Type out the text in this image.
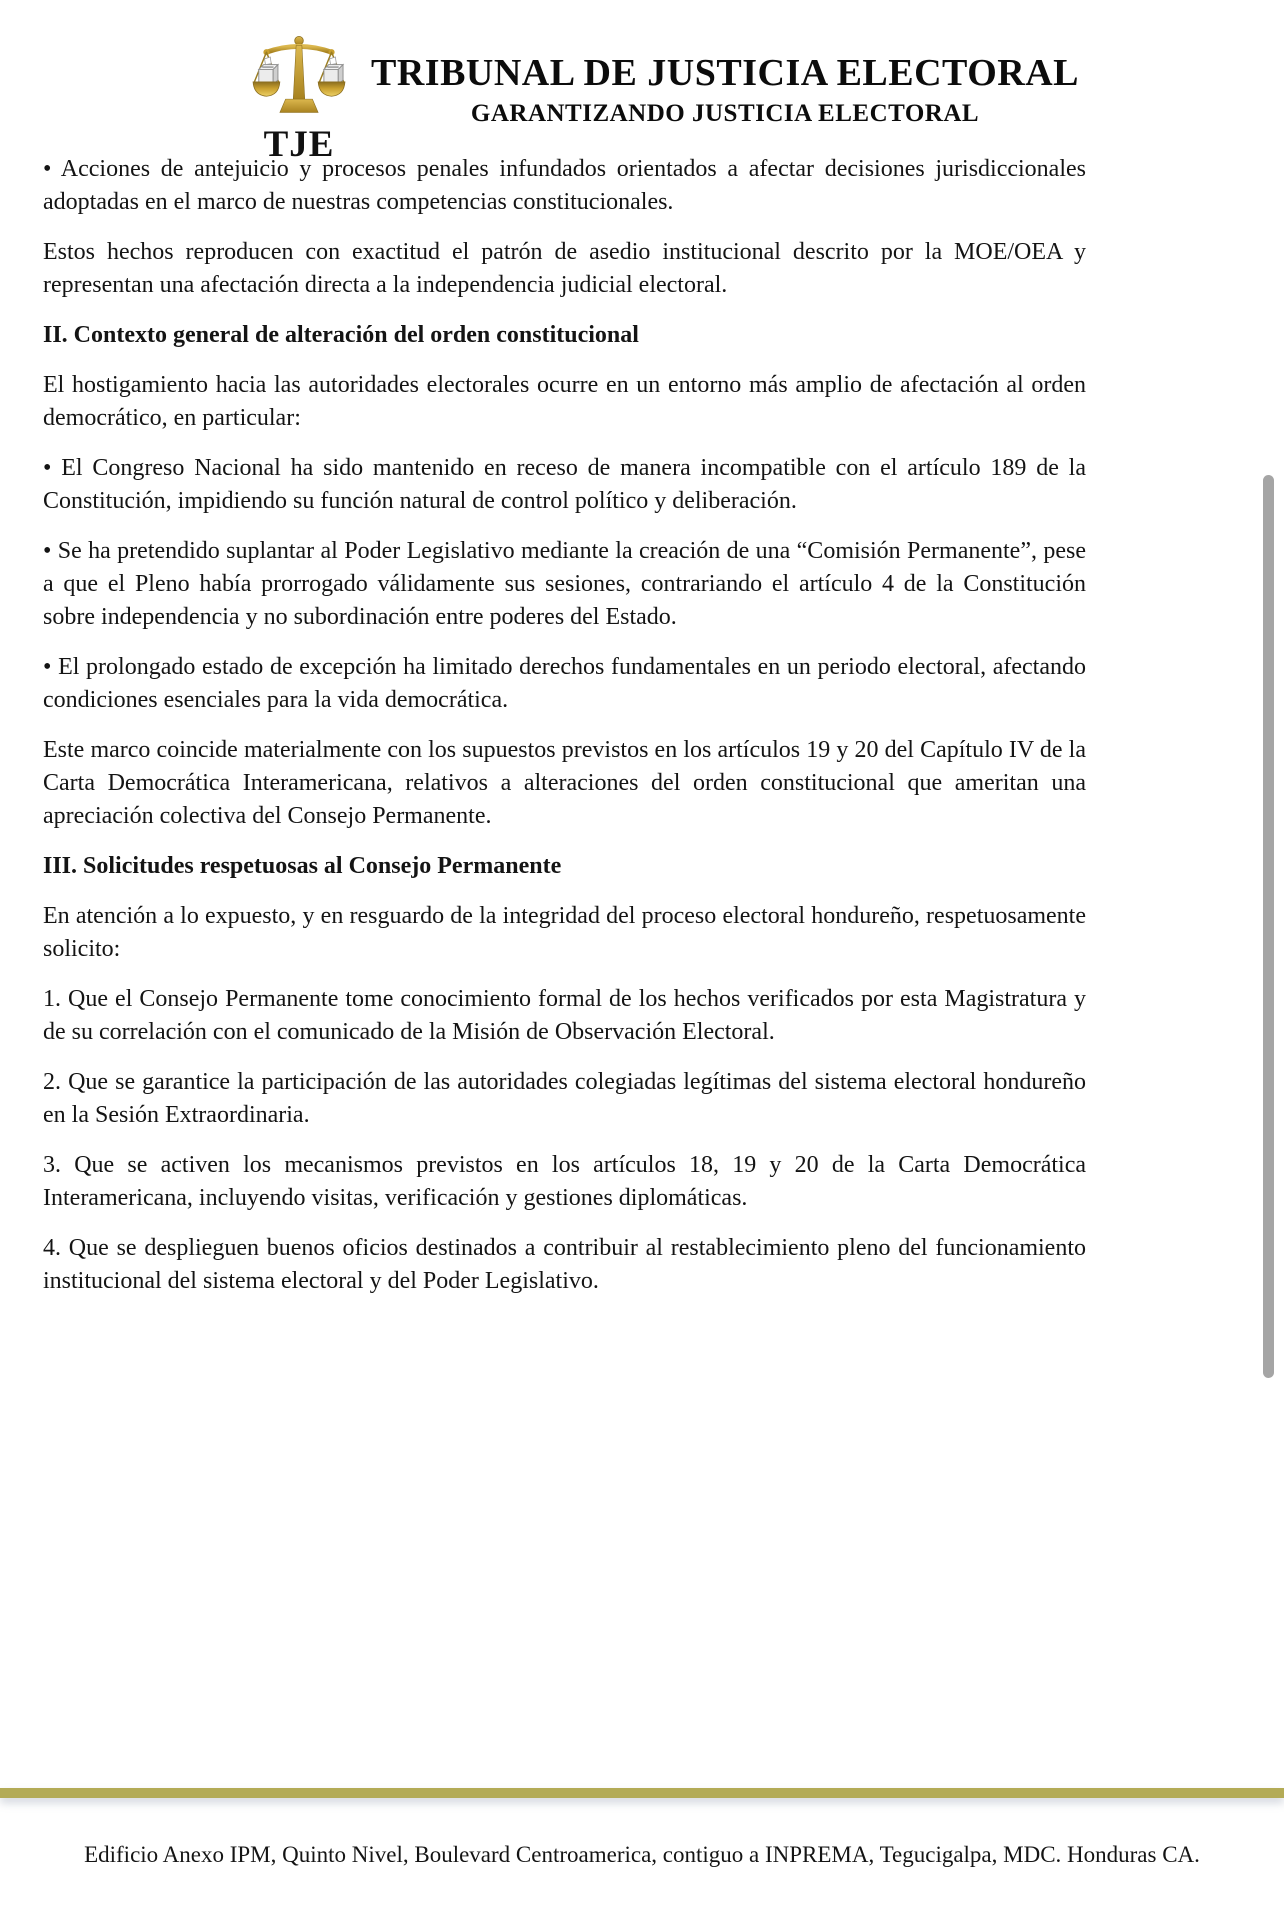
TJE
TRIBUNAL DE JUSTICIA ELECTORAL
GARANTIZANDO JUSTICIA ELECTORAL

• Acciones de antejuicio y procesos penales infundados orientados a afectar decisiones jurisdiccionales adoptadas en el marco de nuestras competencias constitucionales.

Estos hechos reproducen con exactitud el patrón de asedio institucional descrito por la MOE/OEA y representan una afectación directa a la independencia judicial electoral.

II. Contexto general de alteración del orden constitucional

El hostigamiento hacia las autoridades electorales ocurre en un entorno más amplio de afectación al orden democrático, en particular:

• El Congreso Nacional ha sido mantenido en receso de manera incompatible con el artículo 189 de la Constitución, impidiendo su función natural de control político y deliberación.

• Se ha pretendido suplantar al Poder Legislativo mediante la creación de una “Comisión Permanente”, pese a que el Pleno había prorrogado válidamente sus sesiones, contrariando el artículo 4 de la Constitución sobre independencia y no subordinación entre poderes del Estado.

• El prolongado estado de excepción ha limitado derechos fundamentales en un periodo electoral, afectando condiciones esenciales para la vida democrática.

Este marco coincide materialmente con los supuestos previstos en los artículos 19 y 20 del Capítulo IV de la Carta Democrática Interamericana, relativos a alteraciones del orden constitucional que ameritan una apreciación colectiva del Consejo Permanente.

III. Solicitudes respetuosas al Consejo Permanente

En atención a lo expuesto, y en resguardo de la integridad del proceso electoral hondureño, respetuosamente solicito:

1. Que el Consejo Permanente tome conocimiento formal de los hechos verificados por esta Magistratura y de su correlación con el comunicado de la Misión de Observación Electoral.

2. Que se garantice la participación de las autoridades colegiadas legítimas del sistema electoral hondureño en la Sesión Extraordinaria.

3. Que se activen los mecanismos previstos en los artículos 18, 19 y 20 de la Carta Democrática Interamericana, incluyendo visitas, verificación y gestiones diplomáticas.

4. Que se desplieguen buenos oficios destinados a contribuir al restablecimiento pleno del funcionamiento institucional del sistema electoral y del Poder Legislativo.

Edificio Anexo IPM, Quinto Nivel, Boulevard Centroamerica, contiguo a INPREMA, Tegucigalpa, MDC. Honduras CA.
